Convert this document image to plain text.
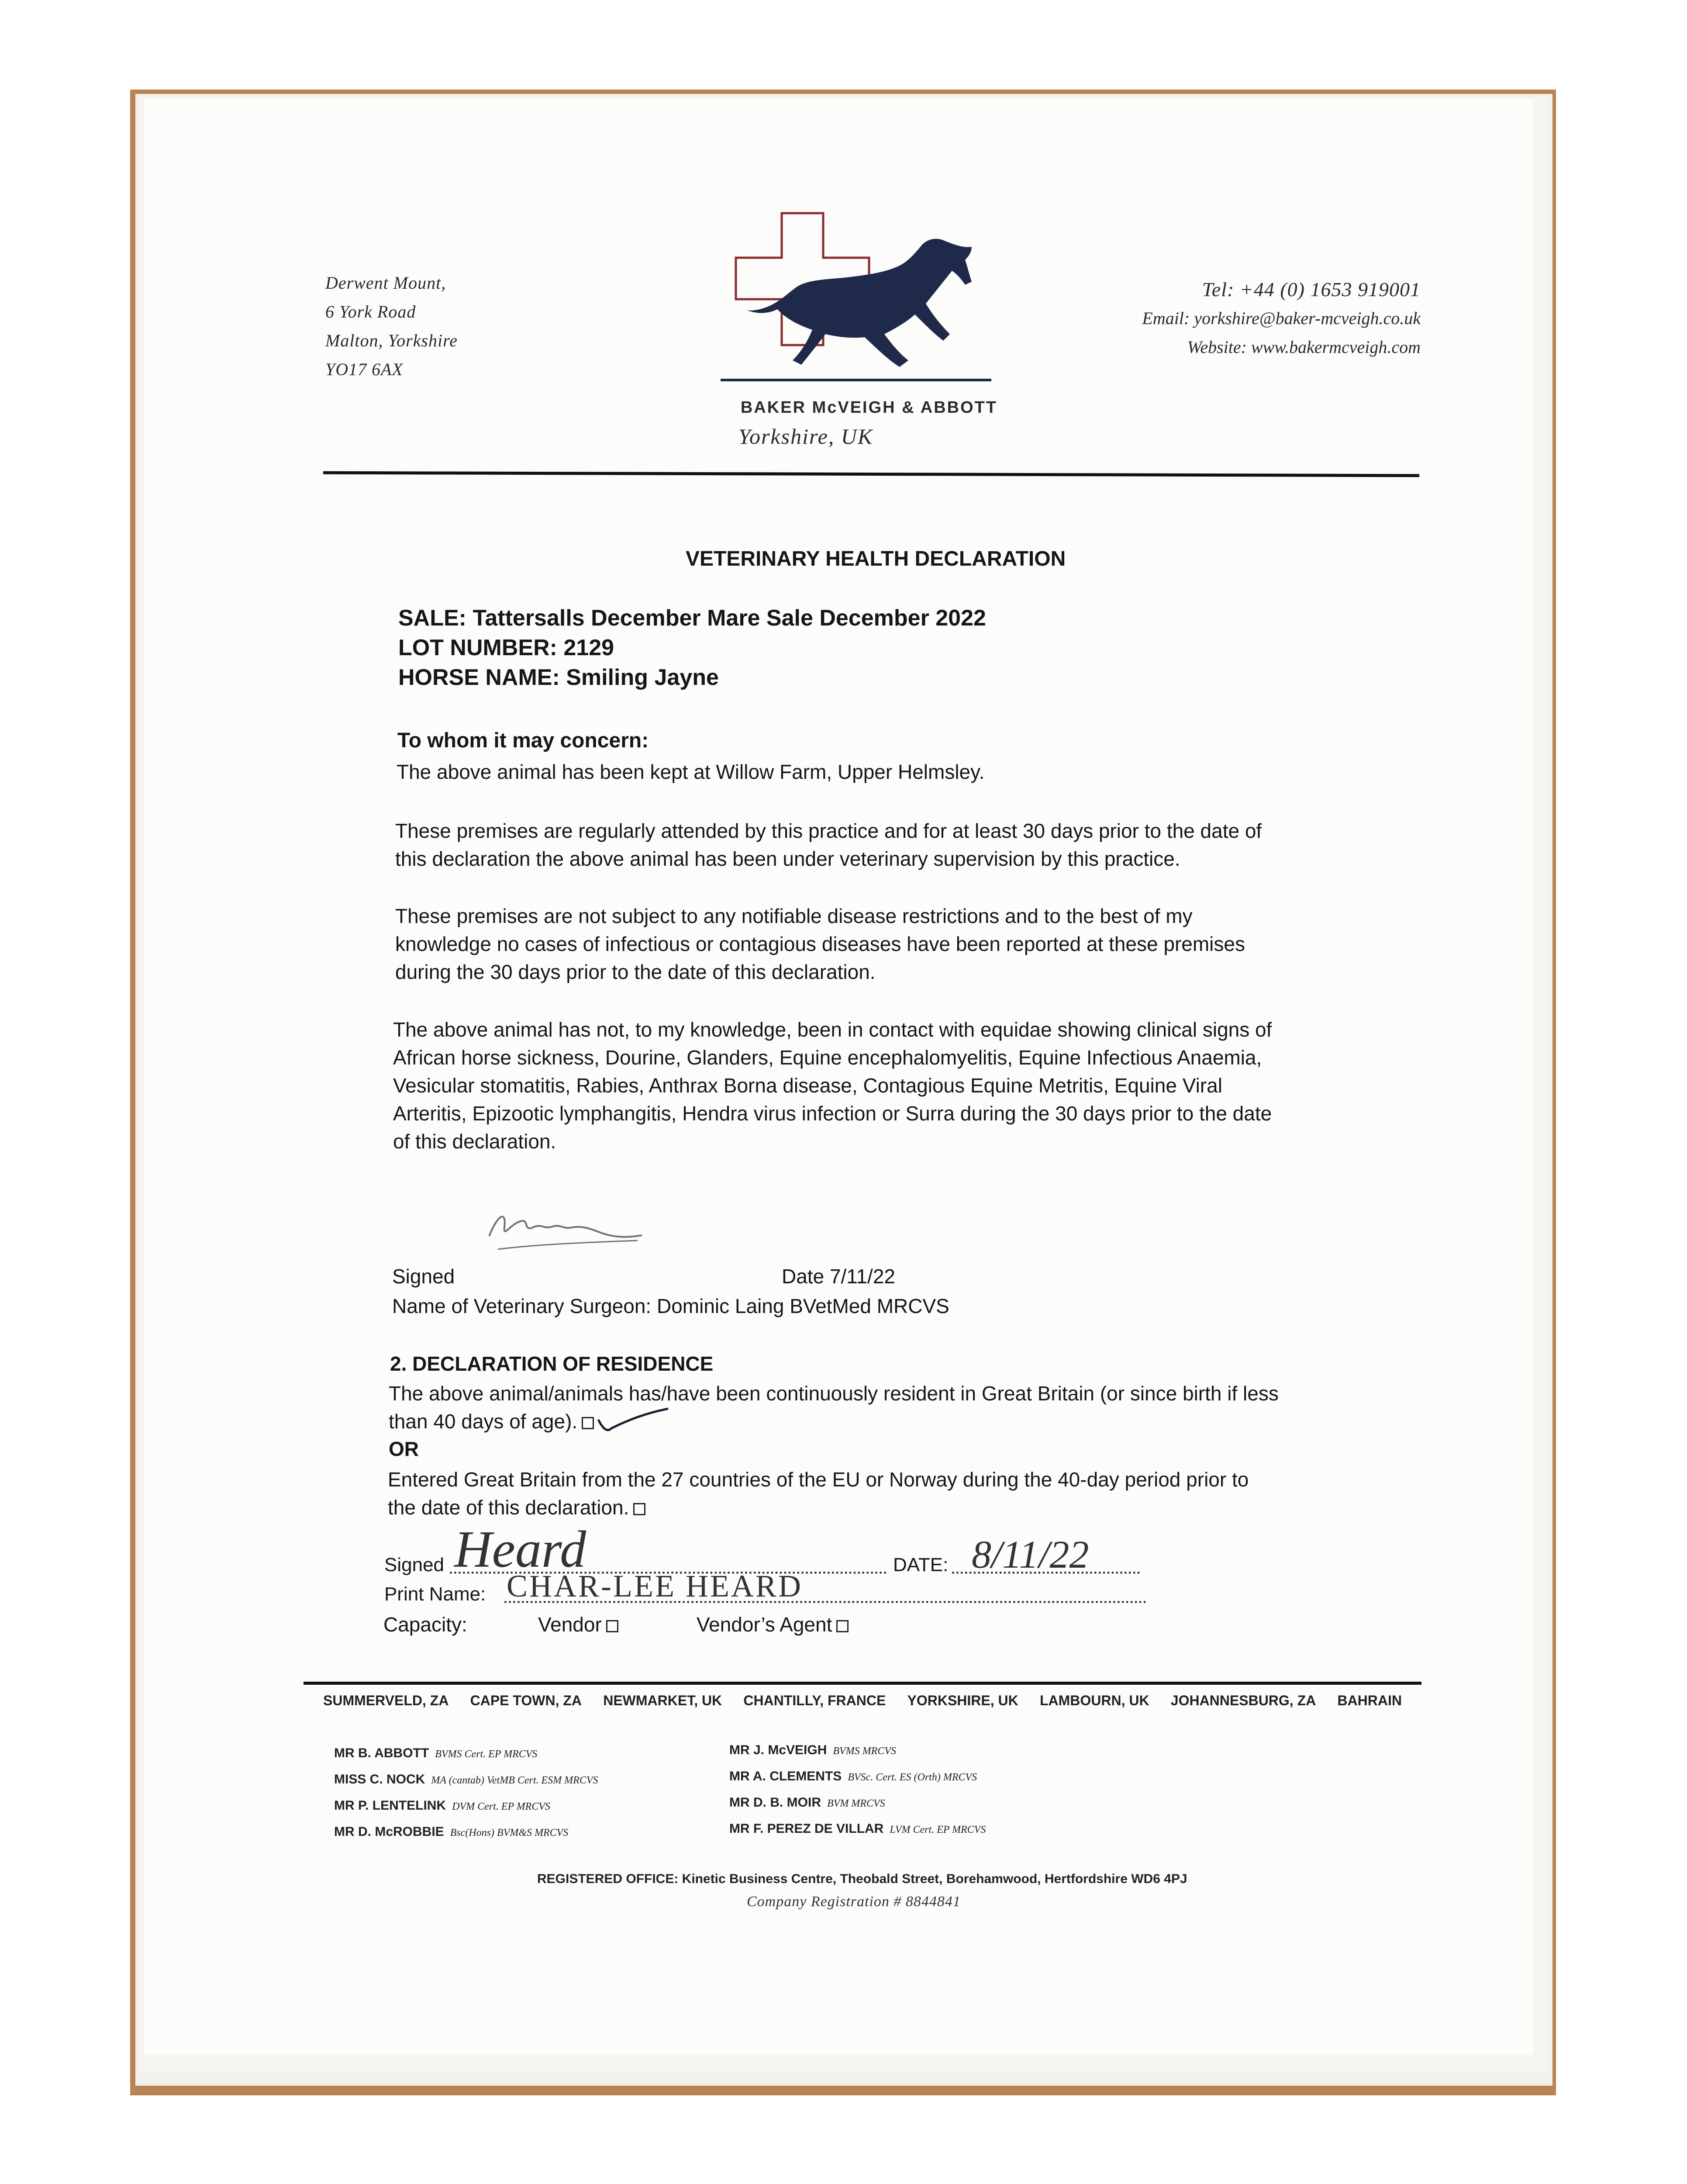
Derwent Mount,
6 York Road
Malton, Yorkshire
YO17 6AX
BAKER McVEIGH & ABBOTT
Yorkshire, UK
Tel: +44 (0) 1653 919001
Email: yorkshire@baker-mcveigh.co.uk
Website: www.bakermcveigh.com
VETERINARY HEALTH DECLARATION
SALE: Tattersalls December Mare Sale December 2022
LOT NUMBER: 2129
HORSE NAME: Smiling Jayne
To whom it may concern:
The above animal has been kept at Willow Farm, Upper Helmsley.
These premises are regularly attended by this practice and for at least 30 days prior to the date of
this declaration the above animal has been under veterinary supervision by this practice.
These premises are not subject to any notifiable disease restrictions and to the best of my
knowledge no cases of infectious or contagious diseases have been reported at these premises
during the 30 days prior to the date of this declaration.
The above animal has not, to my knowledge, been in contact with equidae showing clinical signs of
African horse sickness, Dourine, Glanders, Equine encephalomyelitis, Equine Infectious Anaemia,
Vesicular stomatitis, Rabies, Anthrax Borna disease, Contagious Equine Metritis, Equine Viral
Arteritis, Epizootic lymphangitis, Hendra virus infection or Surra during the 30 days prior to the date
of this declaration.
Signed	Date 7/11/22
Name of Veterinary Surgeon: Dominic Laing BVetMed MRCVS
2. DECLARATION OF RESIDENCE
The above animal/animals has/have been continuously resident in Great Britain (or since birth if less
than 40 days of age).
OR
Entered Great Britain from the 27 countries of the EU or Norway during the 40-day period prior to
the date of this declaration.
Signed Heard	DATE: 8/11/22
Print Name: CHAR-LEE HEARD
Capacity:	Vendor	Vendor’s Agent
SUMMERVELD, ZA CAPE TOWN, ZA NEWMARKET, UK CHANTILLY, FRANCE YORKSHIRE, UK LAMBOURN, UK JOHANNESBURG, ZA BAHRAIN
MR B. ABBOTT BVMS Cert. EP MRCVS
MISS C. NOCK MA (cantab) VetMB Cert. ESM MRCVS
MR P. LENTELINK DVM Cert. EP MRCVS
MR D. McROBBIE Bsc(Hons) BVM&S MRCVS
MR J. McVEIGH BVMS MRCVS
MR A. CLEMENTS BVSc. Cert. ES (Orth) MRCVS
MR D. B. MOIR BVM MRCVS
MR F. PEREZ DE VILLAR LVM Cert. EP MRCVS
REGISTERED OFFICE: Kinetic Business Centre, Theobald Street, Borehamwood, Hertfordshire WD6 4PJ
Company Registration # 8844841
